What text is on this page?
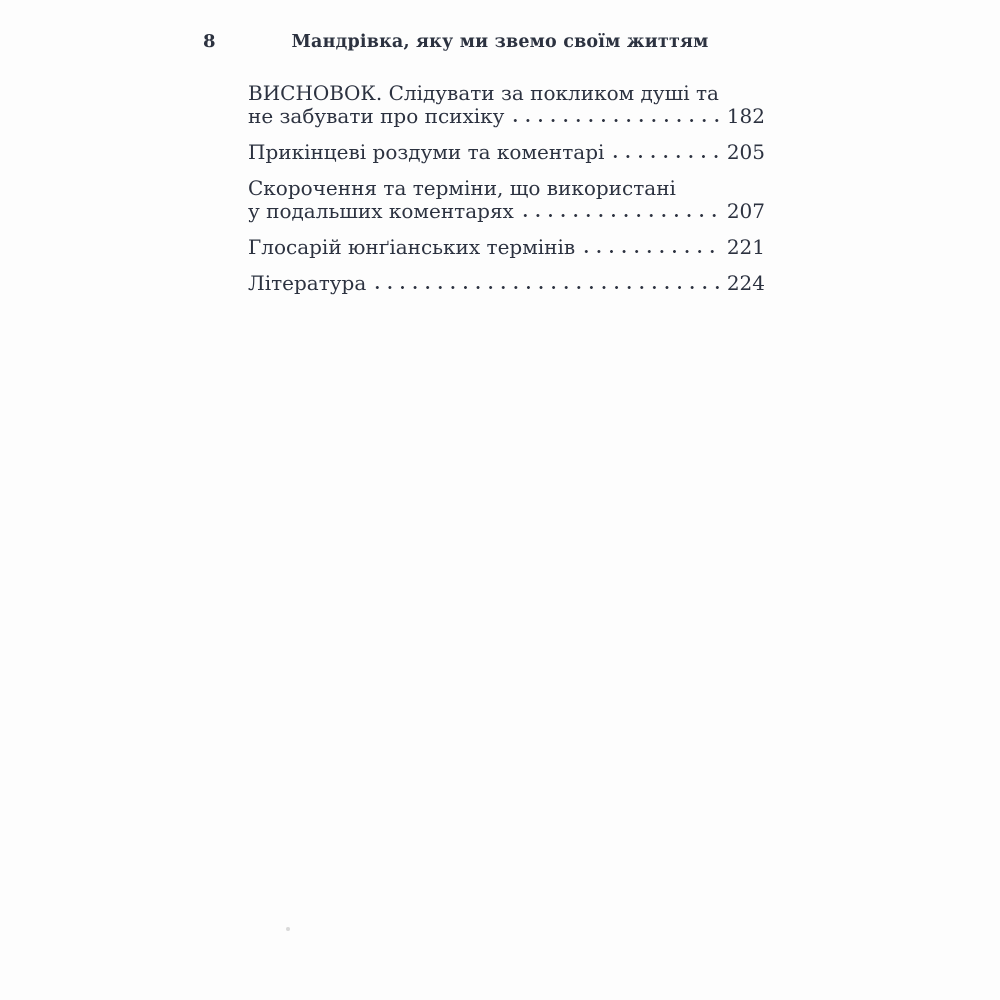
8	Мандрівка, яку ми звемо своїм життям
ВИСНОВОК. Слідувати за покликом душі та
не забувати про психіку	182
Прикінцеві роздуми та коментарі	205
Скорочення та терміни, що використані
у подальших коментарях	207
Глосарій юнґіанських термінів	221
Література	224
